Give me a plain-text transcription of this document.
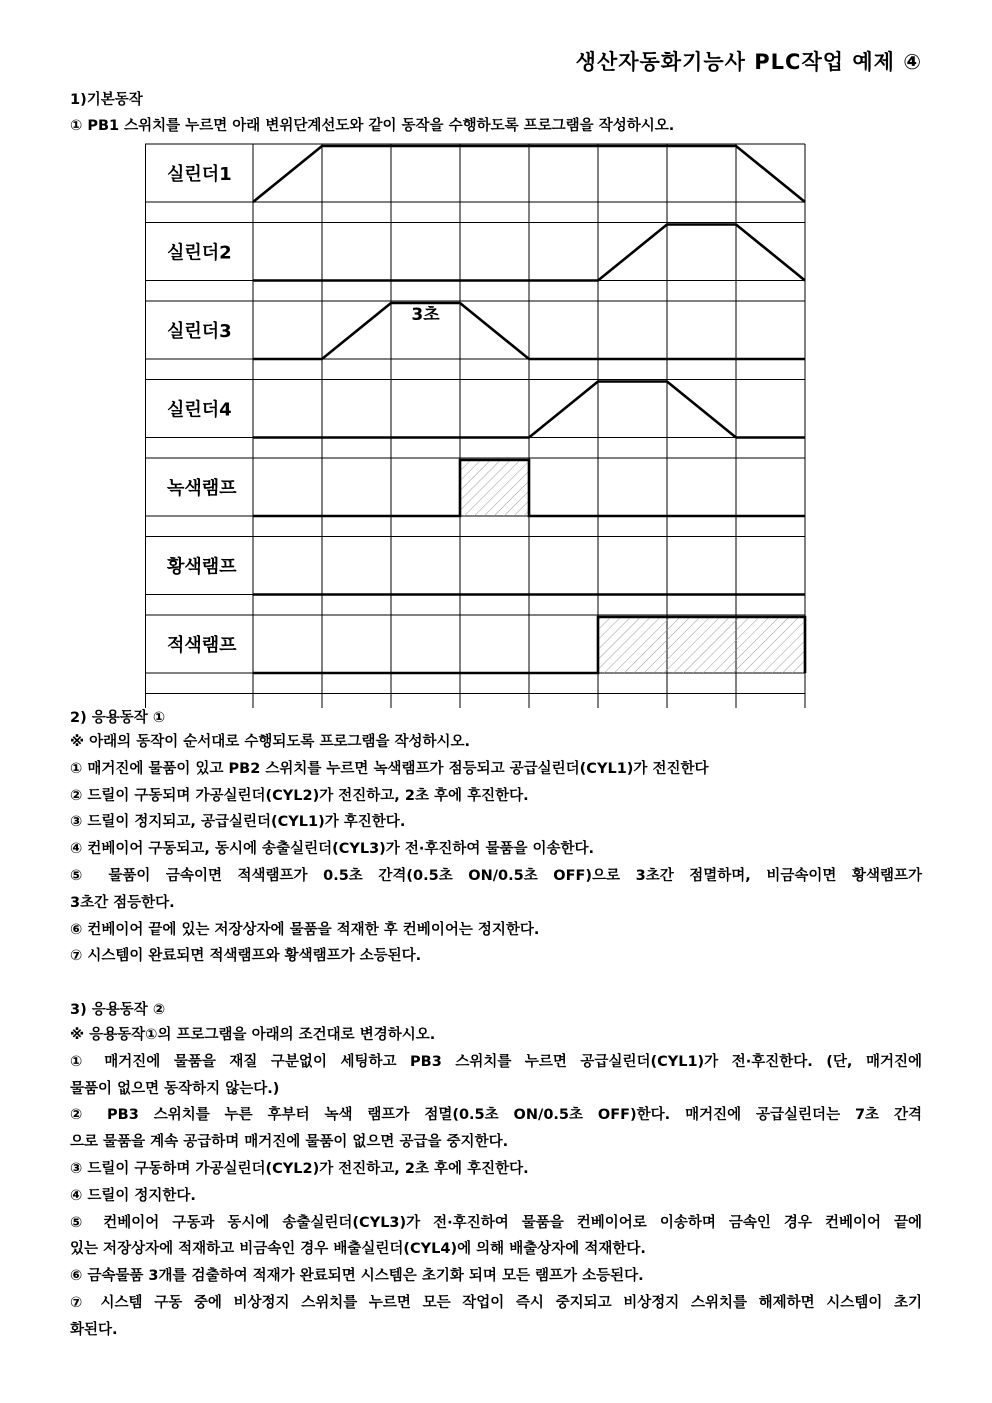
생산자동화기능사 PLC작업 예제 ④
1)기본동작
① PB1 스위치를 누르면 아래 변위단계선도와 같이 동작을 수행하도록 프로그램을 작성하시오.
실린더1
실린더2
실린더3
실린더4
녹색램프
황색램프
적색램프
3초
2) 응용동작 ①
※ 아래의 동작이 순서대로 수행되도록 프로그램을 작성하시오.
① 매거진에 물품이 있고 PB2 스위치를 누르면 녹색램프가 점등되고 공급실린더(CYL1)가 전진한다
② 드릴이 구동되며 가공실린더(CYL2)가 전진하고, 2초 후에 후진한다.
③ 드릴이 정지되고, 공급실린더(CYL1)가 후진한다.
④ 컨베이어 구동되고, 동시에 송출실린더(CYL3)가 전·후진하여 물품을 이송한다.
⑤ 물품이 금속이면 적색램프가 0.5초 간격(0.5초 ON/0.5초 OFF)으로 3초간 점멸하며, 비금속이면 황색램프가
3초간 점등한다.
⑥ 컨베이어 끝에 있는 저장상자에 물품을 적재한 후 컨베이어는 정지한다.
⑦ 시스템이 완료되면 적색램프와 황색램프가 소등된다.
3) 응용동작 ②
※ 응용동작①의 프로그램을 아래의 조건대로 변경하시오.
① 매거진에 물품을 재질 구분없이 세팅하고 PB3 스위치를 누르면 공급실린더(CYL1)가 전·후진한다. (단, 매거진에
물품이 없으면 동작하지 않는다.)
② PB3 스위치를 누른 후부터 녹색 램프가 점멸(0.5초 ON/0.5초 OFF)한다. 매거진에 공급실린더는 7초 간격
으로 물품을 계속 공급하며 매거진에 물품이 없으면 공급을 중지한다.
③ 드릴이 구동하며 가공실린더(CYL2)가 전진하고, 2초 후에 후진한다.
④ 드릴이 정지한다.
⑤ 컨베이어 구동과 동시에 송출실린더(CYL3)가 전·후진하여 물품을 컨베이어로 이송하며 금속인 경우 컨베이어 끝에
있는 저장상자에 적재하고 비금속인 경우 배출실린더(CYL4)에 의해 배출상자에 적재한다.
⑥ 금속물품 3개를 검출하여 적재가 완료되면 시스템은 초기화 되며 모든 램프가 소등된다.
⑦ 시스템 구동 중에 비상정지 스위치를 누르면 모든 작업이 즉시 중지되고 비상정지 스위치를 해제하면 시스템이 초기
화된다.
